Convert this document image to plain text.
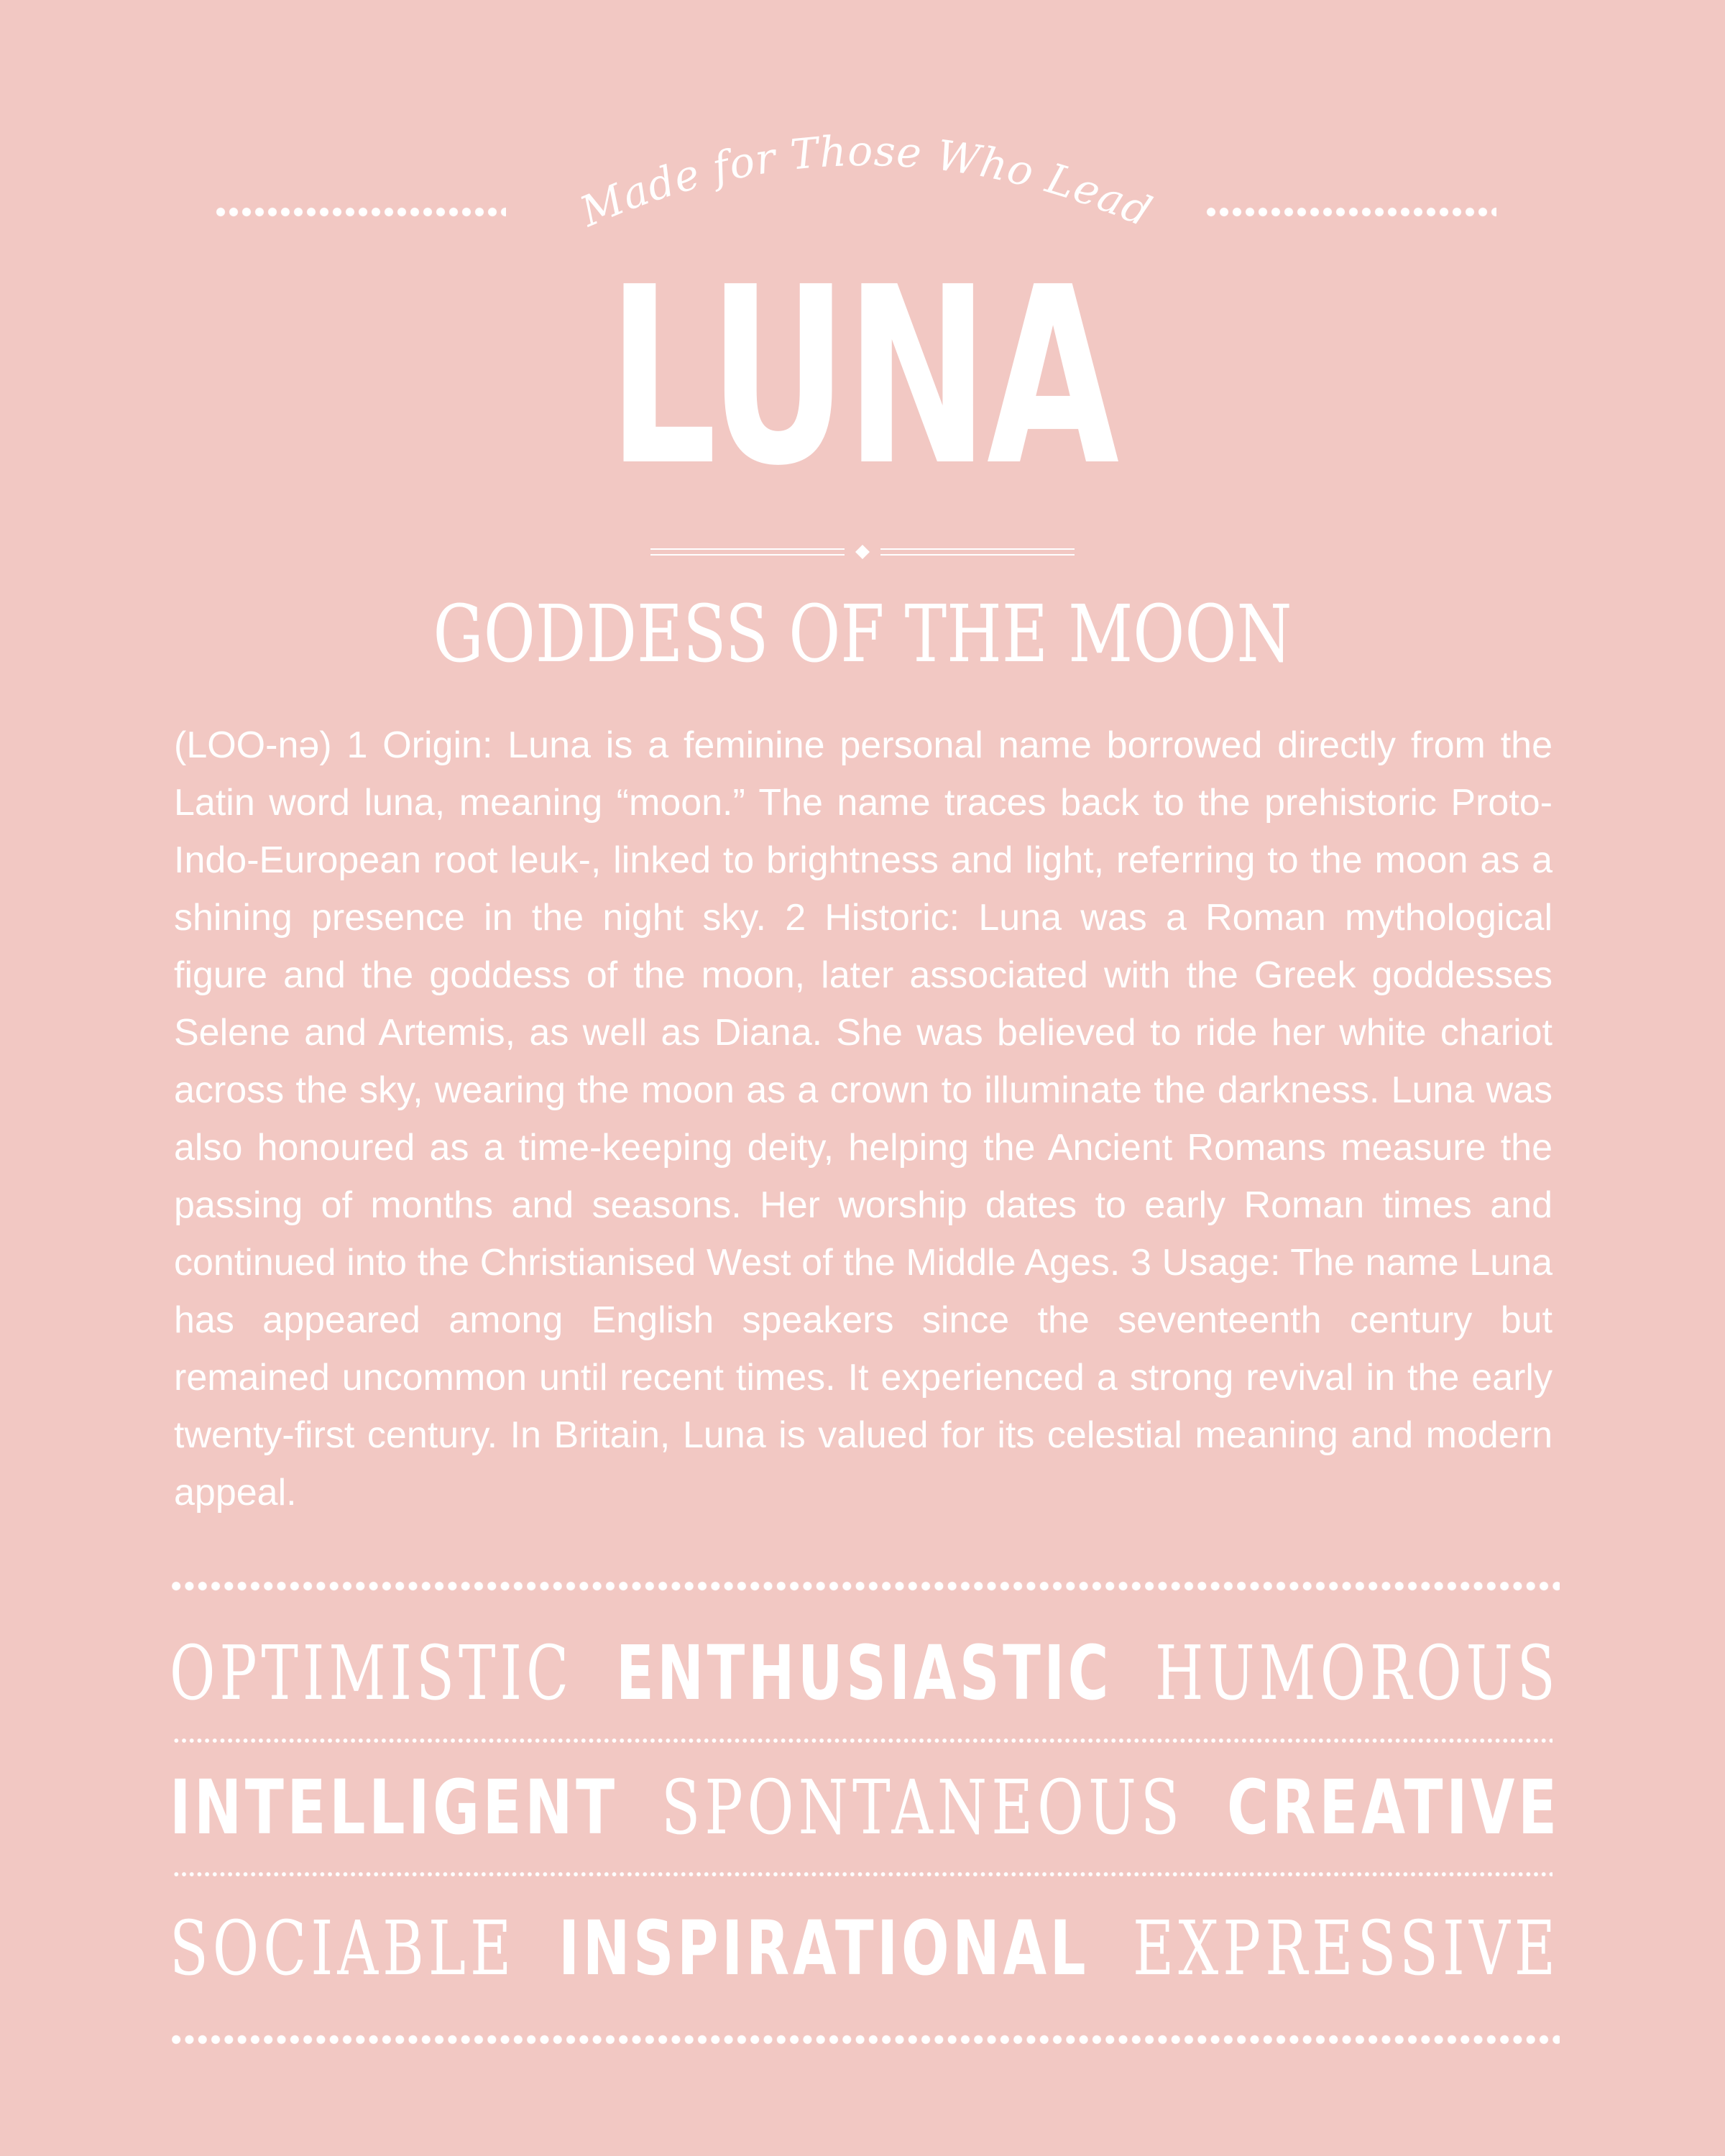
Made for Those Who Lead
LUNA
GODDESS OF THE MOON
(LOO-nə) 1 Origin: Luna is a feminine personal name borrowed directly from the Latin word luna, meaning “moon.” The name traces back to the prehistoric Proto-Indo-European root leuk-, linked to brightness and light, referring to the moon as a shining presence in the night sky. 2 Historic: Luna was a Roman mythological figure and the goddess of the moon, later associated with the Greek goddesses Selene and Artemis, as well as Diana. She was believed to ride her white chariot across the sky, wearing the moon as a crown to illuminate the darkness. Luna was also honoured as a time-keeping deity, helping the Ancient Romans measure the passing of months and seasons. Her worship dates to early Roman times and continued into the Christianised West of the Middle Ages. 3 Usage: The name Luna has appeared among English speakers since the seventeenth century but remained uncommon until recent times. It experienced a strong revival in the early twenty-first century. In Britain, Luna is valued for its celestial meaning and modern appeal.
OPTIMISTIC ENTHUSIASTIC HUMOROUS
INTELLIGENT SPONTANEOUS CREATIVE
SOCIABLE INSPIRATIONAL EXPRESSIVE
